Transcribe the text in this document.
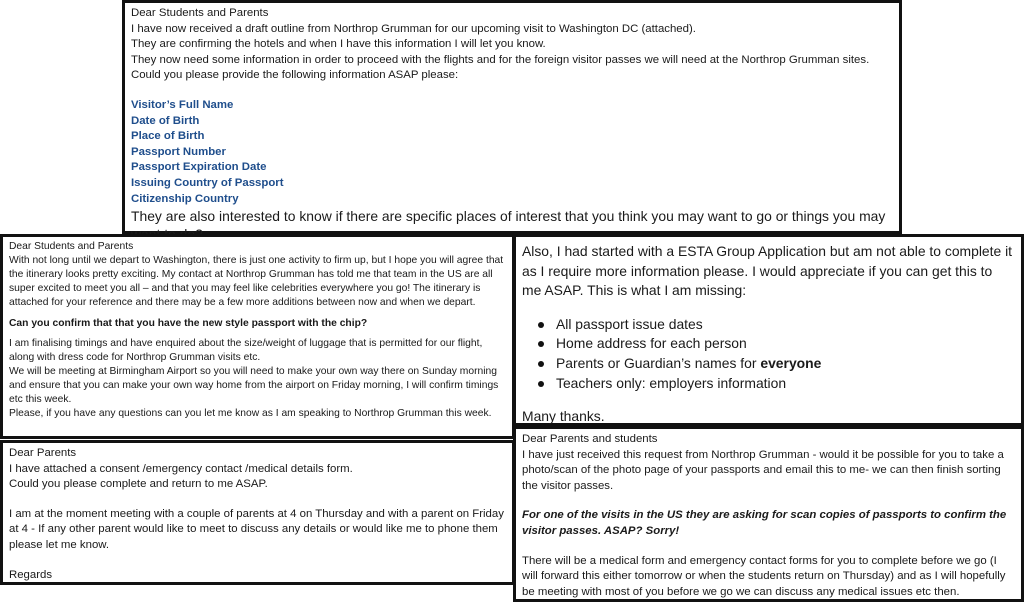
Dear Students and Parents

I have now received a draft outline from Northrop Grumman for our upcoming visit to Washington DC (attached).

They are confirming the hotels and when I have this information I will let you know.

They now need some information in order to proceed with the flights and for the foreign visitor passes we will need at the Northrop Grumman sites.

Could you please provide the following information ASAP please:

Visitor’s Full Name

Date of Birth

Place of Birth

Passport Number

Passport Expiration Date

Issuing Country of Passport

Citizenship Country

They are also interested to know if there are specific places of interest that you think you may want to go or things you may

Dear Students and Parents

With not long until we depart to Washington, there is just one activity to firm up, but I hope you will agree that the itinerary looks pretty exciting. My contact at Northrop Grumman has told me that team in the US are all super excited to meet you all – and that you may feel like celebrities everywhere you go! The itinerary is attached for your reference and there may be a few more additions between now and when we depart.

Can you confirm that that you have the new style passport with the chip?

I am finalising timings and have enquired about the size/weight of luggage that is permitted for our flight, along with dress code for Northrop Grumman visits etc.

We will be meeting at Birmingham Airport so you will need to make your own way there on Sunday morning and ensure that you can make your own way home from the airport on Friday morning, I will confirm timings etc this week.

Please, if you have any questions can you let me know as I am speaking to Northrop Grumman this week.

Also, I had started with a ESTA Group Application but am not able to complete it as I require more information please. I would appreciate if you can get this to me ASAP. This is what I am missing:

All passport issue dates
Home address for each person
Parents or Guardian’s names for everyone
Teachers only: employers information

Many thanks.

Dear Parents

I have attached a consent /emergency contact /medical details form.

Could you please complete and return to me ASAP.

I am at the moment meeting with a couple of parents at 4 on Thursday and with a parent on Friday at 4 - If any other parent would like to meet to discuss any details or would like me to phone them please let me know.

Regards

Dear Parents and students

I have just received this request from Northrop Grumman - would it be possible for you to take a photo/scan of the photo page of your passports and email this to me- we can then finish sorting the visitor passes.

For one of the visits in the US they are asking for scan copies of passports to confirm the visitor passes. ASAP? Sorry!

There will be a medical form and emergency contact forms for you to complete before we go (I will forward this either tomorrow or when the students return on Thursday) and as I will hopefully be meeting with most of you before we go we can discuss any medical issues etc then.
